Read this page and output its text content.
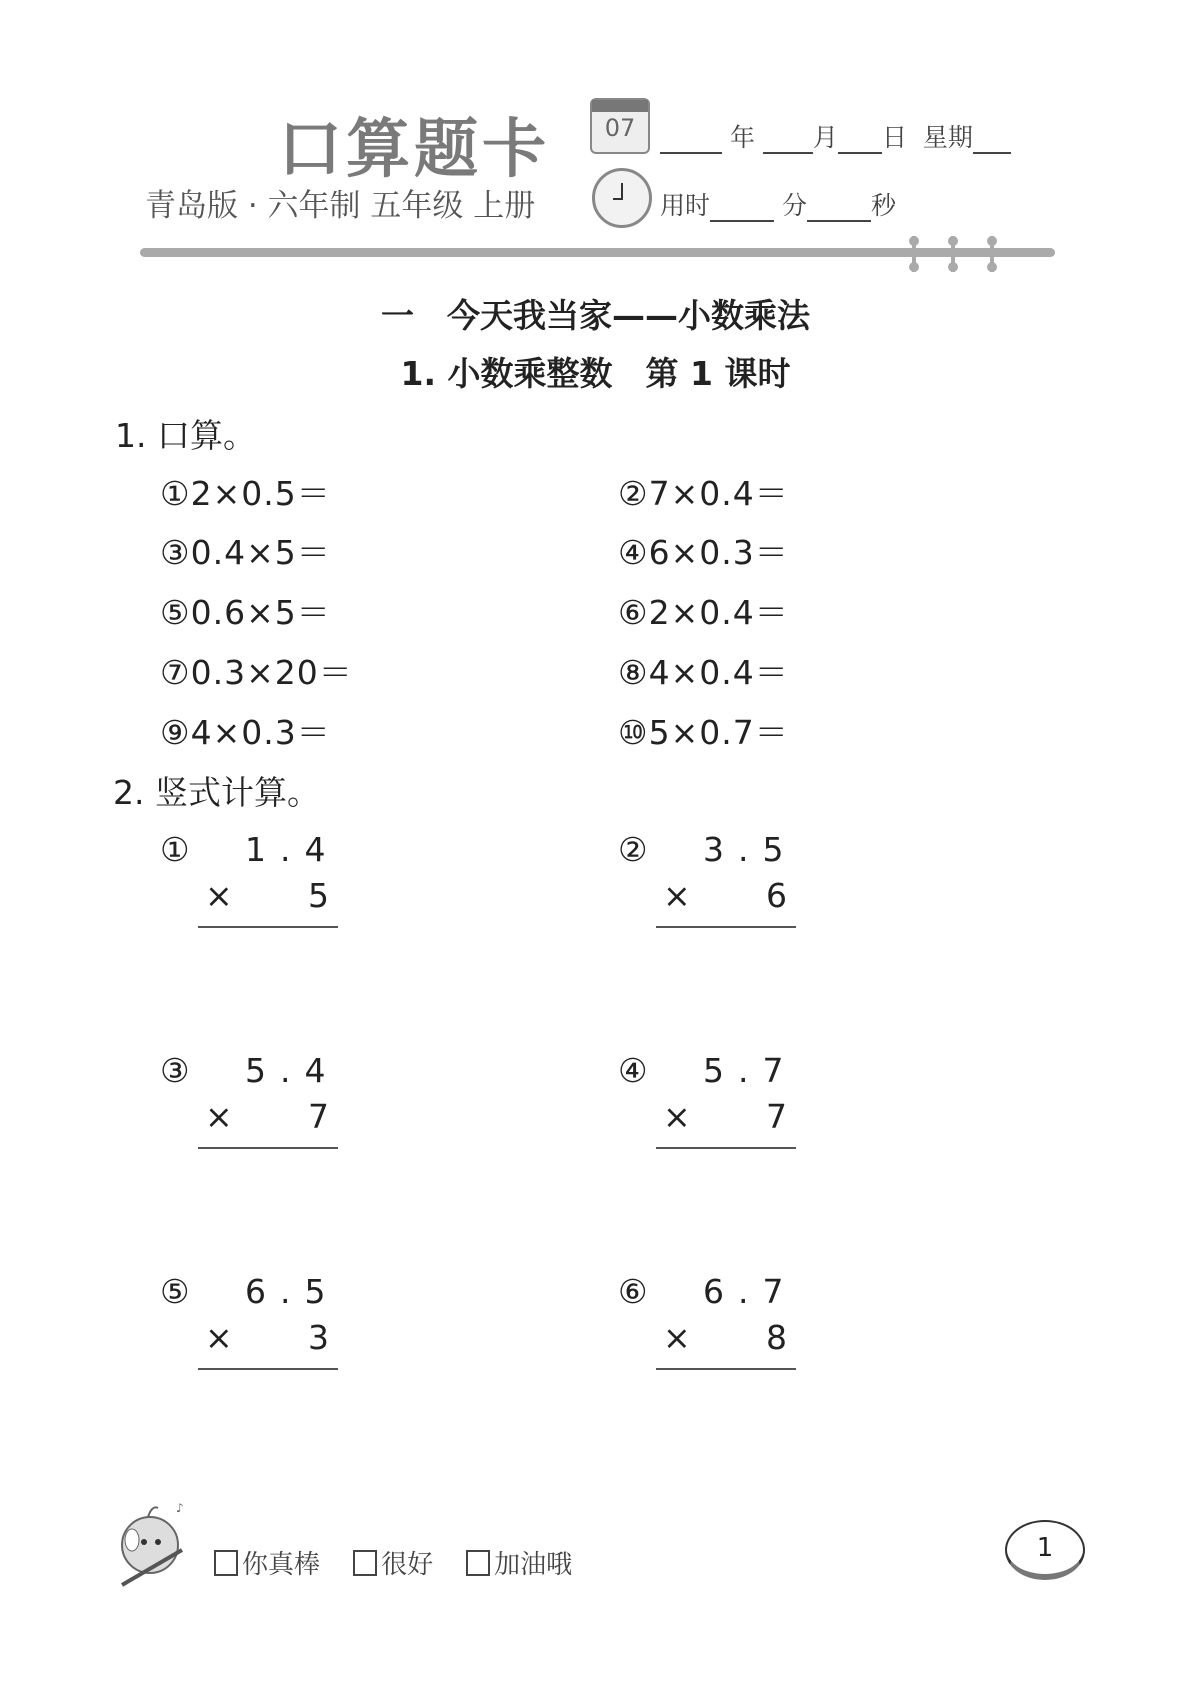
口算题卡
青岛版 · 六年制 五年级 上册
07	年 月 日 星期
用时	分	秒
一　今天我当家——小数乘法
1. 小数乘整数　第 1 课时
1. 口算。
①2×0.5＝	②7×0.4＝
③0.4×5＝	④6×0.3＝
⑤0.6×5＝	⑥2×0.4＝
⑦0.3×20＝	⑧4×0.4＝
⑨4×0.3＝	⑩5×0.7＝
2. 竖式计算。
① 1.4
× 5
② 3.5
× 6
③ 5.4
× 7
④ 5.7
× 7
⑤ 6.5
× 3
⑥ 6.7
× 8
♪
你真棒 很好 加油哦
1
